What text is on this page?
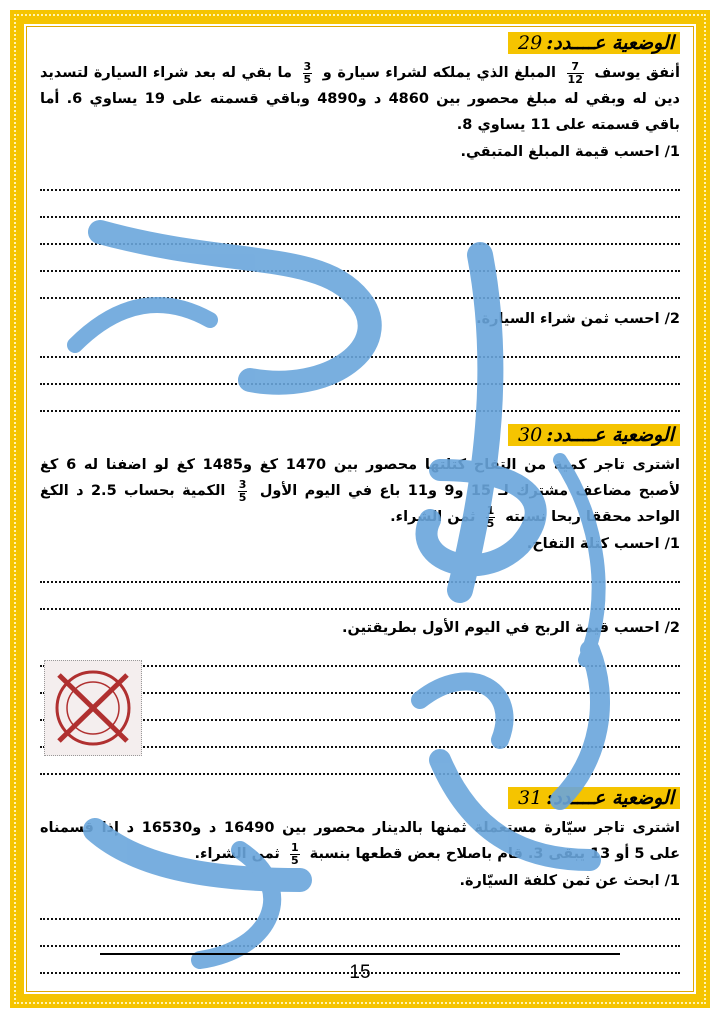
الوضعية عــــدد:29
أنفق يوسف
$\frac{7}{12}$
المبلغ الذي يملكه لشراء سيارة و
$\frac{3}{5}$
ما بقي له بعد شراء السيارة لتسديد دين له وبقي له مبلغ محصور بين 4860 د و4890 وباقي قسمته على 19 يساوي 6. أما باقي قسمته على 11 يساوي 8.
1/ احسب قيمة المبلغ المتبقي.
2/ احسب ثمن شراء السيارة.
الوضعية عــــدد:30
اشترى تاجر كمية من التفاح كتلتها محصور بين 1470 كغ و1485 كغ لو اضفنا له 6 كغ لأصبح مضاعف مشترك لـ 15 و9 و11 باع في اليوم الأول
$\frac{3}{5}$
الكمية بحساب 2.5 د الكغ الواحد محققا ربحا نسبته
$\frac{1}{5}$
ثمن الشراء.
1/ احسب كتلة التفاح.
2/ احسب قيمة الربح في اليوم الأول بطريقتين.
الوضعية عــــدد:31
اشترى تاجر سيّارة مستعملة ثمنها بالدينار محصور بين 16490 د و16530 د إذا قسمناه على 5 أو 13 يبقى 3. قام باصلاح بعض قطعها بنسبة
$\frac{1}{5}$
ثمن الشراء.
1/ ابحث عن ثمن كلفة السيّارة.
15
